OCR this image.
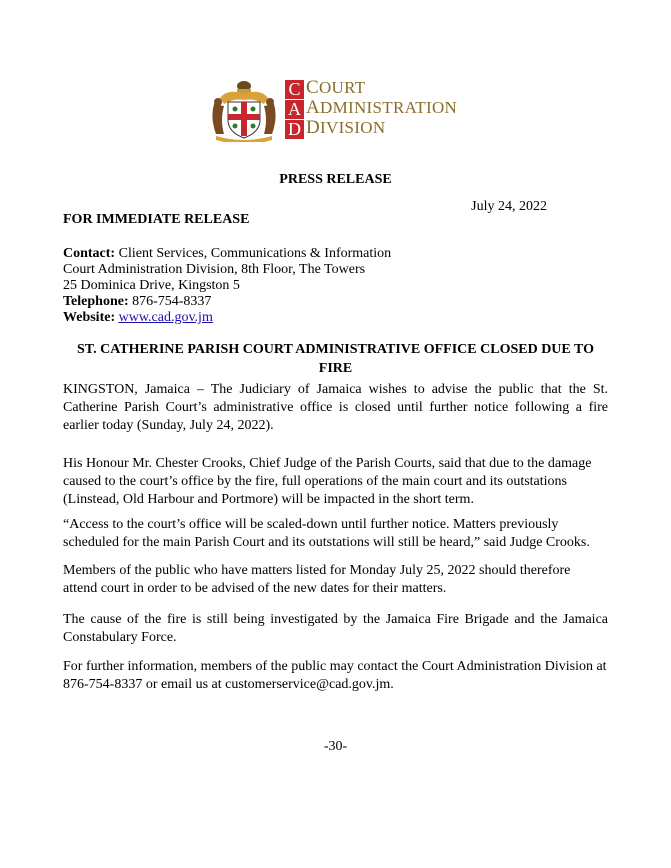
C
A
D
COURT
ADMINISTRATION
DIVISION
PRESS RELEASE
July 24, 2022
FOR IMMEDIATE RELEASE
Contact: Client Services, Communications & Information
Court Administration Division, 8th Floor, The Towers
25 Dominica Drive, Kingston 5
Telephone: 876-754-8337
Website: www.cad.gov.jm
ST. CATHERINE PARISH COURT ADMINISTRATIVE OFFICE CLOSED DUE TO FIRE
KINGSTON, Jamaica – The Judiciary of Jamaica wishes to advise the public that the St. Catherine Parish Court’s administrative office is closed until further notice following a fire earlier today (Sunday, July 24, 2022).
His Honour Mr. Chester Crooks, Chief Judge of the Parish Courts, said that due to the damage caused to the court’s office by the fire, full operations of the main court and its outstations (Linstead, Old Harbour and Portmore) will be impacted in the short term.
“Access to the court’s office will be scaled-down until further notice. Matters previously scheduled for the main Parish Court and its outstations will still be heard,” said Judge Crooks.
Members of the public who have matters listed for Monday July 25, 2022 should therefore attend court in order to be advised of the new dates for their matters.
The cause of the fire is still being investigated by the Jamaica Fire Brigade and the Jamaica Constabulary Force.
For further information, members of the public may contact the Court Administration Division at 876-754-8337 or email us at customerservice@cad.gov.jm.
-30-
